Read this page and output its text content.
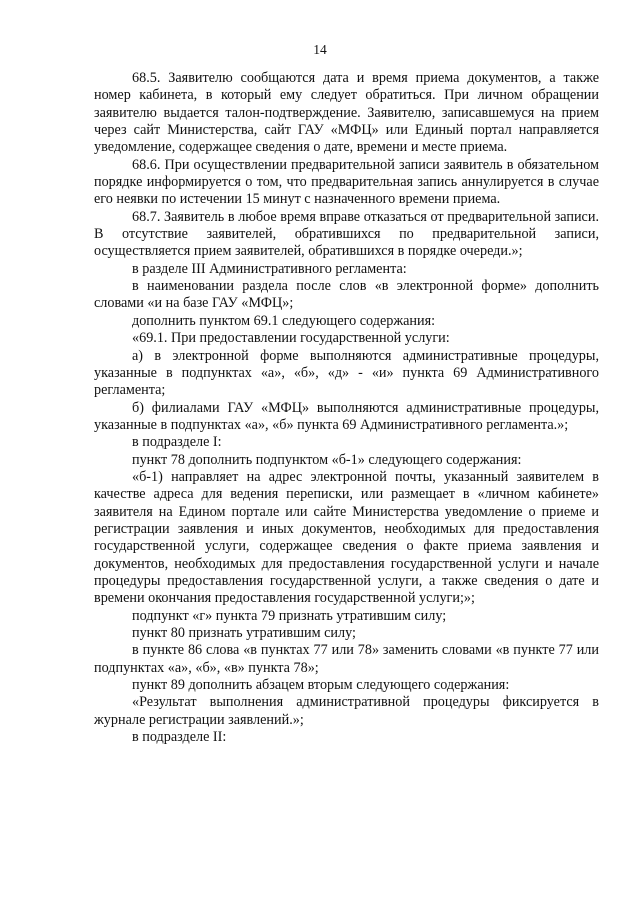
14

68.5. Заявителю сообщаются дата и время приема документов, а также номер кабинета, в который ему следует обратиться. При личном обращении заявителю выдается талон-подтверждение. Заявителю, записавшемуся на прием через сайт Министерства, сайт ГАУ «МФЦ» или Единый портал направляется уведомление, содержащее сведения о дате, времени и месте приема.

68.6. При осуществлении предварительной записи заявитель в обязательном порядке информируется о том, что предварительная запись аннулируется в случае его неявки по истечении 15 минут с назначенного времени приема.

68.7. Заявитель в любое время вправе отказаться от предварительной записи. В отсутствие заявителей, обратившихся по предварительной записи, осуществляется прием заявителей, обратившихся в порядке очереди.»;

в разделе III Административного регламента:

в наименовании раздела после слов «в электронной форме» дополнить словами «и на базе ГАУ «МФЦ»;

дополнить пунктом 69.1 следующего содержания:

«69.1. При предоставлении государственной услуги:

а) в электронной форме выполняются административные процедуры, указанные в подпунктах «а», «б», «д» - «и» пункта 69 Административного регламента;

б) филиалами ГАУ «МФЦ» выполняются административные процедуры, указанные в подпунктах «а», «б» пункта 69 Административного регламента.»;

в подразделе I:

пункт 78 дополнить подпунктом «б-1» следующего содержания:

«б-1) направляет на адрес электронной почты, указанный заявителем в качестве адреса для ведения переписки, или размещает в «личном кабинете» заявителя на Едином портале или сайте Министерства уведомление о приеме и регистрации заявления и иных документов, необходимых для предоставления государственной услуги, содержащее сведения о факте приема заявления и документов, необходимых для предоставления государственной услуги и начале процедуры предоставления государственной услуги, а также сведения о дате и времени окончания предоставления государственной услуги;»;

подпункт «г» пункта 79 признать утратившим силу;

пункт 80 признать утратившим силу;

в пункте 86 слова «в пунктах 77 или 78» заменить словами «в пункте 77 или подпунктах «а», «б», «в» пункта 78»;

пункт 89 дополнить абзацем вторым следующего содержания:

«Результат выполнения административной процедуры фиксируется в журнале регистрации заявлений.»;

в подразделе II:
